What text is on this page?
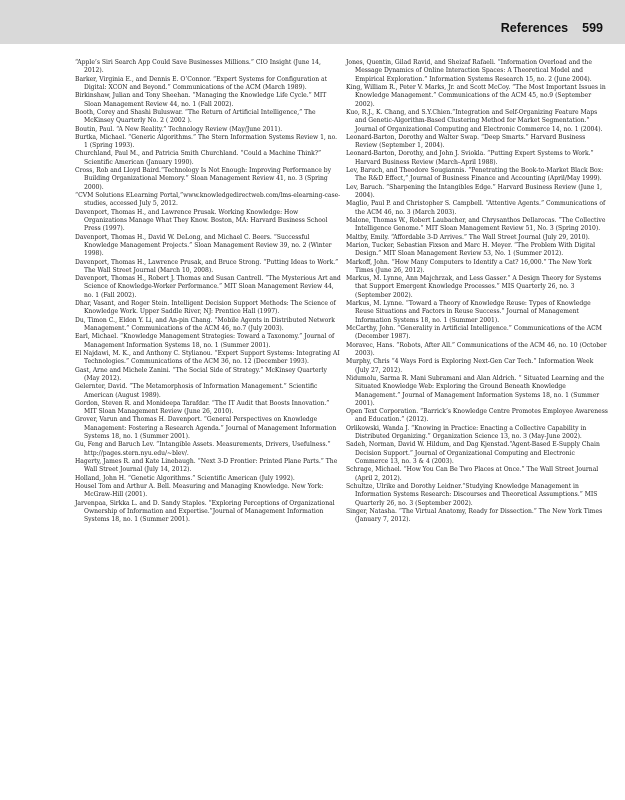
References 599

“Apple’s Siri Search App Could Save Businesses Millions.” CIO Insight (June 14, 2012).

Barker, Virginia E., and Dennis E. O’Connor. “Expert Systems for Configuration at Digital: XCON and Beyond.” Communications of the ACM (March 1989).

Birkinshaw, Julian and Tony Sheehan. “Managing the Knowledge Life Cycle.” MIT Sloan Management Review 44, no. 1 (Fall 2002).

Booth, Corey and Shashi Buluswar. “The Return of Artificial Intelligence,” The McKinsey Quarterly No. 2 ( 2002 ).

Boutin, Paul. “A New Reality.” Technology Review (May/June 2011).

Burtka, Michael. “Generic Algorithms.” The Stern Information Systems Review 1, no. 1 (Spring 1993).

Churchland, Paul M., and Patricia Smith Churchland. “Could a Machine Think?” Scientific American (January 1990).

Cross, Rob and Lloyd Baird.“Technology Is Not Enough: Improving Performance by Building Organizational Memory.” Sloan Management Review 41, no. 3 (Spring 2000).

“CVM Solutions ELearning Portal,”www.knowledgedirectweb.com/lms-elearning-case-studies, accessed July 5, 2012.

Davenport, Thomas H., and Lawrence Prusak. Working Knowledge: How Organizations Manage What They Know. Boston, MA: Harvard Business School Press (1997).

Davenport, Thomas H., David W. DeLong, and Michael C. Beers. “Successful Knowledge Management Projects.” Sloan Management Review 39, no. 2 (Winter 1998).

Davenport, Thomas H., Lawrence Prusak, and Bruce Strong. “Putting Ideas to Work.” The Wall Street Journal (March 10, 2008).

Davenport, Thomas H., Robert J. Thomas and Susan Cantrell. “The Mysterious Art and Science of Knowledge-Worker Performance.” MIT Sloan Management Review 44, no. 1 (Fall 2002).

Dhar, Vasant, and Roger Stein. Intelligent Decision Support Methods: The Science of Knowledge Work. Upper Saddle River, NJ: Prentice Hall (1997).

Du, Timon C., Eldon Y. Li, and An-pin Chang. “Mobile Agents in Distributed Network Management.” Communications of the ACM 46, no.7 (July 2003).

Earl, Michael. “Knowledge Management Strategies: Toward a Taxonomy.” Journal of Management Information Systems 18, no. 1 (Summer 2001).

El Najdawi, M. K., and Anthony C. Stylianou. “Expert Support Systems: Integrating AI Technologies.” Communications of the ACM 36, no. 12 (December 1993).

Gast, Arne and Michele Zanini. “The Social Side of Strategy.” McKinsey Quarterly (May 2012).

Gelernter, David. “The Metamorphosis of Information Management.” Scientific American (August 1989).

Gordon, Steven R. and Monideepa Tarafdar. “The IT Audit that Boosts Innovation.” MIT Sloan Management Review (June 26, 2010).

Grover, Varun and Thomas H. Davenport. “General Perspectives on Knowledge Management: Fostering a Research Agenda.” Journal of Management Information Systems 18, no. 1 (Summer 2001).

Gu, Feng and Baruch Lev. “Intangible Assets. Measurements, Drivers, Usefulness.” http://pages.stern.nyu.edu/~blev/.

Hagerty, James R. and Kate Linebaugh. “Next 3-D Frontier: Printed Plane Parts.” The Wall Street Journal (July 14, 2012).

Holland, John H. “Genetic Algorithms.” Scientific American (July 1992).

Housel Tom and Arthur A. Bell. Measuring and Managing Knowledge. New York: McGraw-Hill (2001).

Jarvenpaa, Sirkka L. and D. Sandy Staples. “Exploring Perceptions of Organizational Ownership of Information and Expertise.”Journal of Management Information Systems 18, no. 1 (Summer 2001).

Jones, Quentin, Gilad Ravid, and Sheizaf Rafaeli. “Information Overload and the Message Dynamics of Online Interaction Spaces: A Theoretical Model and Empirical Exploration.” Information Systems Research 15, no. 2 (June 2004).

King, William R., Peter V. Marks, Jr. and Scott McCoy. “The Most Important Issues in Knowledge Management.” Communications of the ACM 45, no.9 (September 2002).

Kuo, R.J., K. Chang, and S.Y.Chien.“Integration and Self-Organizing Feature Maps and Genetic-Algorithm-Based Clustering Method for Market Segmentation.” Journal of Organizational Computing and Electronic Commerce 14, no. 1 (2004).

Leonard-Barton, Dorothy and Walter Swap. “Deep Smarts.” Harvard Business Review (September 1, 2004).

Leonard-Barton, Dorothy, and John J. Sviokla. “Putting Expert Systems to Work.” Harvard Business Review (March–April 1988).

Lev, Baruch, and Theodore Sougiannis. “Penetrating the Book-to-Market Black Box: The R&D Effect,” Journal of Business Finance and Accounting (April/May 1999).

Lev, Baruch. “Sharpening the Intangibles Edge.” Harvard Business Review (June 1, 2004).

Maglio, Paul P. and Christopher S. Campbell. “Attentive Agents.” Communications of the ACM 46, no. 3 (March 2003).

Malone, Thomas W., Robert Laubacher, and Chrysanthos Dellarocas. “The Collective Intelligence Genome.” MIT Sloan Management Review 51, No. 3 (Spring 2010).

Maltby, Emily. “Affordable 3-D Arrives.” The Wall Street Journal (July 29, 2010).

Marion, Tucker, Sebastian Fixson and Marc H. Meyer. “The Problem With Digital Design.” MIT Sloan Management Review 53, No. 1 (Summer 2012).

Markoff, John. “How Many Computers to Identify a Cat? 16,000.” The New York Times (June 26, 2012).

Markus, M. Lynne, Ann Majchrzak, and Less Gasser.“ A Design Theory for Systems that Support Emergent Knowledge Processes.” MIS Quarterly 26, no. 3 (September 2002).

Markus, M. Lynne. “Toward a Theory of Knowledge Reuse: Types of Knowledge Reuse Situations and Factors in Reuse Success.” Journal of Management Information Systems 18, no. 1 (Summer 2001).

McCarthy, John. “Generality in Artificial Intelligence.” Communications of the ACM (December 1987).

Moravec, Hans. “Robots, After All.” Communications of the ACM 46, no. 10 (October 2003).

Murphy, Chris “4 Ways Ford is Exploring Next-Gen Car Tech.” Information Week (July 27, 2012).

Nidumolu, Sarma R. Mani Subramani and Alan Aldrich. “ Situated Learning and the Situated Knowledge Web: Exploring the Ground Beneath Knowledge Management.” Journal of Management Information Systems 18, no. 1 (Summer 2001).

Open Text Corporation. “Barrick’s Knowledge Centre Promotes Employee Awareness and Education.” (2012).

Orlikowski, Wanda J. “Knowing in Practice: Enacting a Collective Capability in Distributed Organizing.” Organization Science 13, no. 3 (May-June 2002).

Sadeh, Norman, David W. Hildum, and Dag Kjenstad.“Agent-Based E-Supply Chain Decision Support.” Journal of Organizational Computing and Electronic Commerce 13, no. 3 & 4 (2003).

Schrage, Michael. “How You Can Be Two Places at Once.” The Wall Street Journal (April 2, 2012).

Schultze, Ulrike and Dorothy Leidner.“Studying Knowledge Management in Information Systems Research: Discourses and Theoretical Assumptions.” MIS Quarterly 26, no. 3 (September 2002).

Singer, Natasha. “The Virtual Anatomy, Ready for Dissection.” The New York Times (January 7, 2012).
